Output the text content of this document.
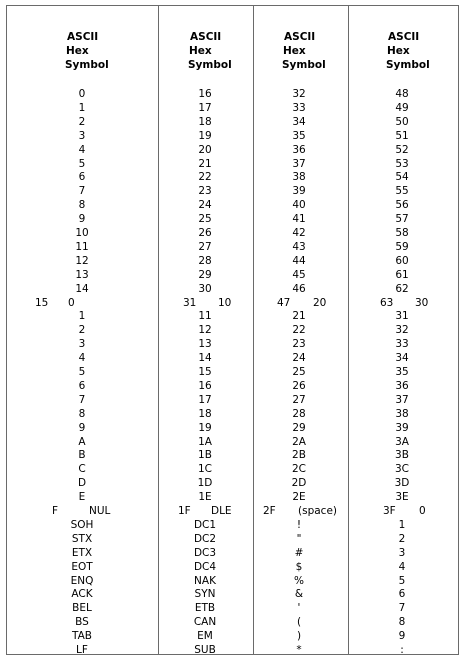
ASCII
Hex
Symbol
0
1
2
3
4
5
6
7
8
9
10
11
12
13
14
15 0
1
2
3
4
5
6
7
8
9
A
B
C
D
E
F	NUL
SOH
STX
ETX
EOT
ENQ
ACK
BEL
BS
TAB
LF
ASCII
Hex
Symbol
16
17
18
19
20
21
22
23
24
25
26
27
28
29
30
31 10
11
12
13
14
15
16
17
18
19
1A
1B
1C
1D
1E
1F DLE
DC1
DC2
DC3
DC4
NAK
SYN
ETB
CAN
EM
SUB
ASCII
Hex
Symbol
32
33
34
35
36
37
38
39
40
41
42
43
44
45
46
47 20
21
22
23
24
25
26
27
28
29
2A
2B
2C
2D
2E
2F (space)
!
"
#
$
%
&
'
(
)
*
ASCII
Hex
Symbol
48
49
50
51
52
53
54
55
56
57
58
59
60
61
62
63 30
31
32
33
34
35
36
37
38
39
3A
3B
3C
3D
3E
3F 0
1
2
3
4
5
6
7
8
9
:
